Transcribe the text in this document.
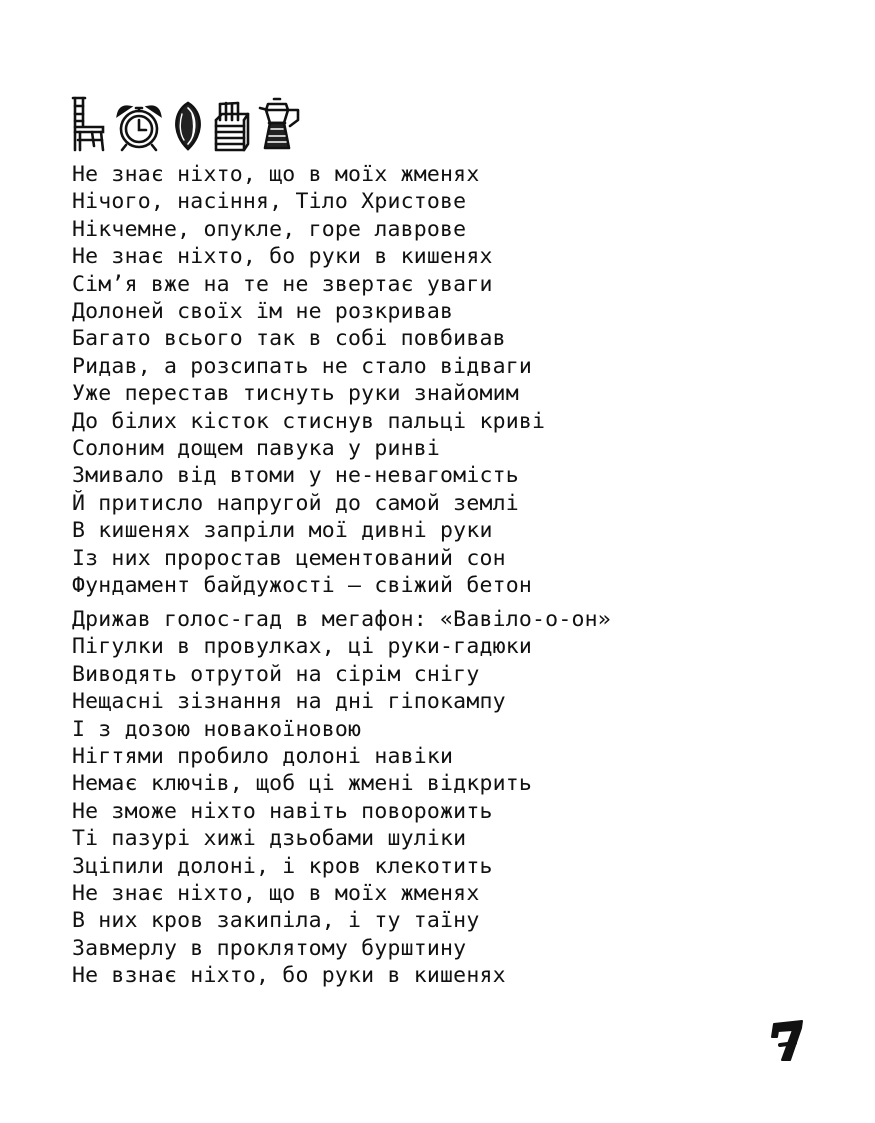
Не знає ніхто, що в моїх жменях
Нічого, насіння, Тіло Христове
Нікчемне, опукле, горе лаврове
Не знає ніхто, бо руки в кишенях
Сім’я вже на те не звертає уваги
Долоней своїх їм не розкривав
Багато всього так в собі повбивав
Ридав, а розсипать не стало відваги
Уже перестав тиснуть руки знайомим
До білих кісток стиснув пальці криві
Солоним дощем павука у ринві
Змивало від втоми у не-невагомість
Й притисло напругой до самой землі
В кишенях запріли мої дивні руки
Із них проростав цементований сон
Фундамент байдужості — свіжий бетон
Дрижав голос-гад в мегафон: «Вавіло-о-он»
Пігулки в провулках, ці руки-гадюки
Виводять отрутой на сірім снігу
Нещасні зізнання на дні гіпокампу
І з дозою новакоїновою
Нігтями пробило долоні навіки
Немає ключів, щоб ці жмені відкрить
Не зможе ніхто навіть поворожить
Ті пазурі хижі дзьобами шуліки
Зціпили долоні, і кров клекотить
Не знає ніхто, що в моїх жменях
В них кров закипіла, і ту таїну
Завмерлу в проклятому бурштину
Не взнає ніхто, бо руки в кишенях
